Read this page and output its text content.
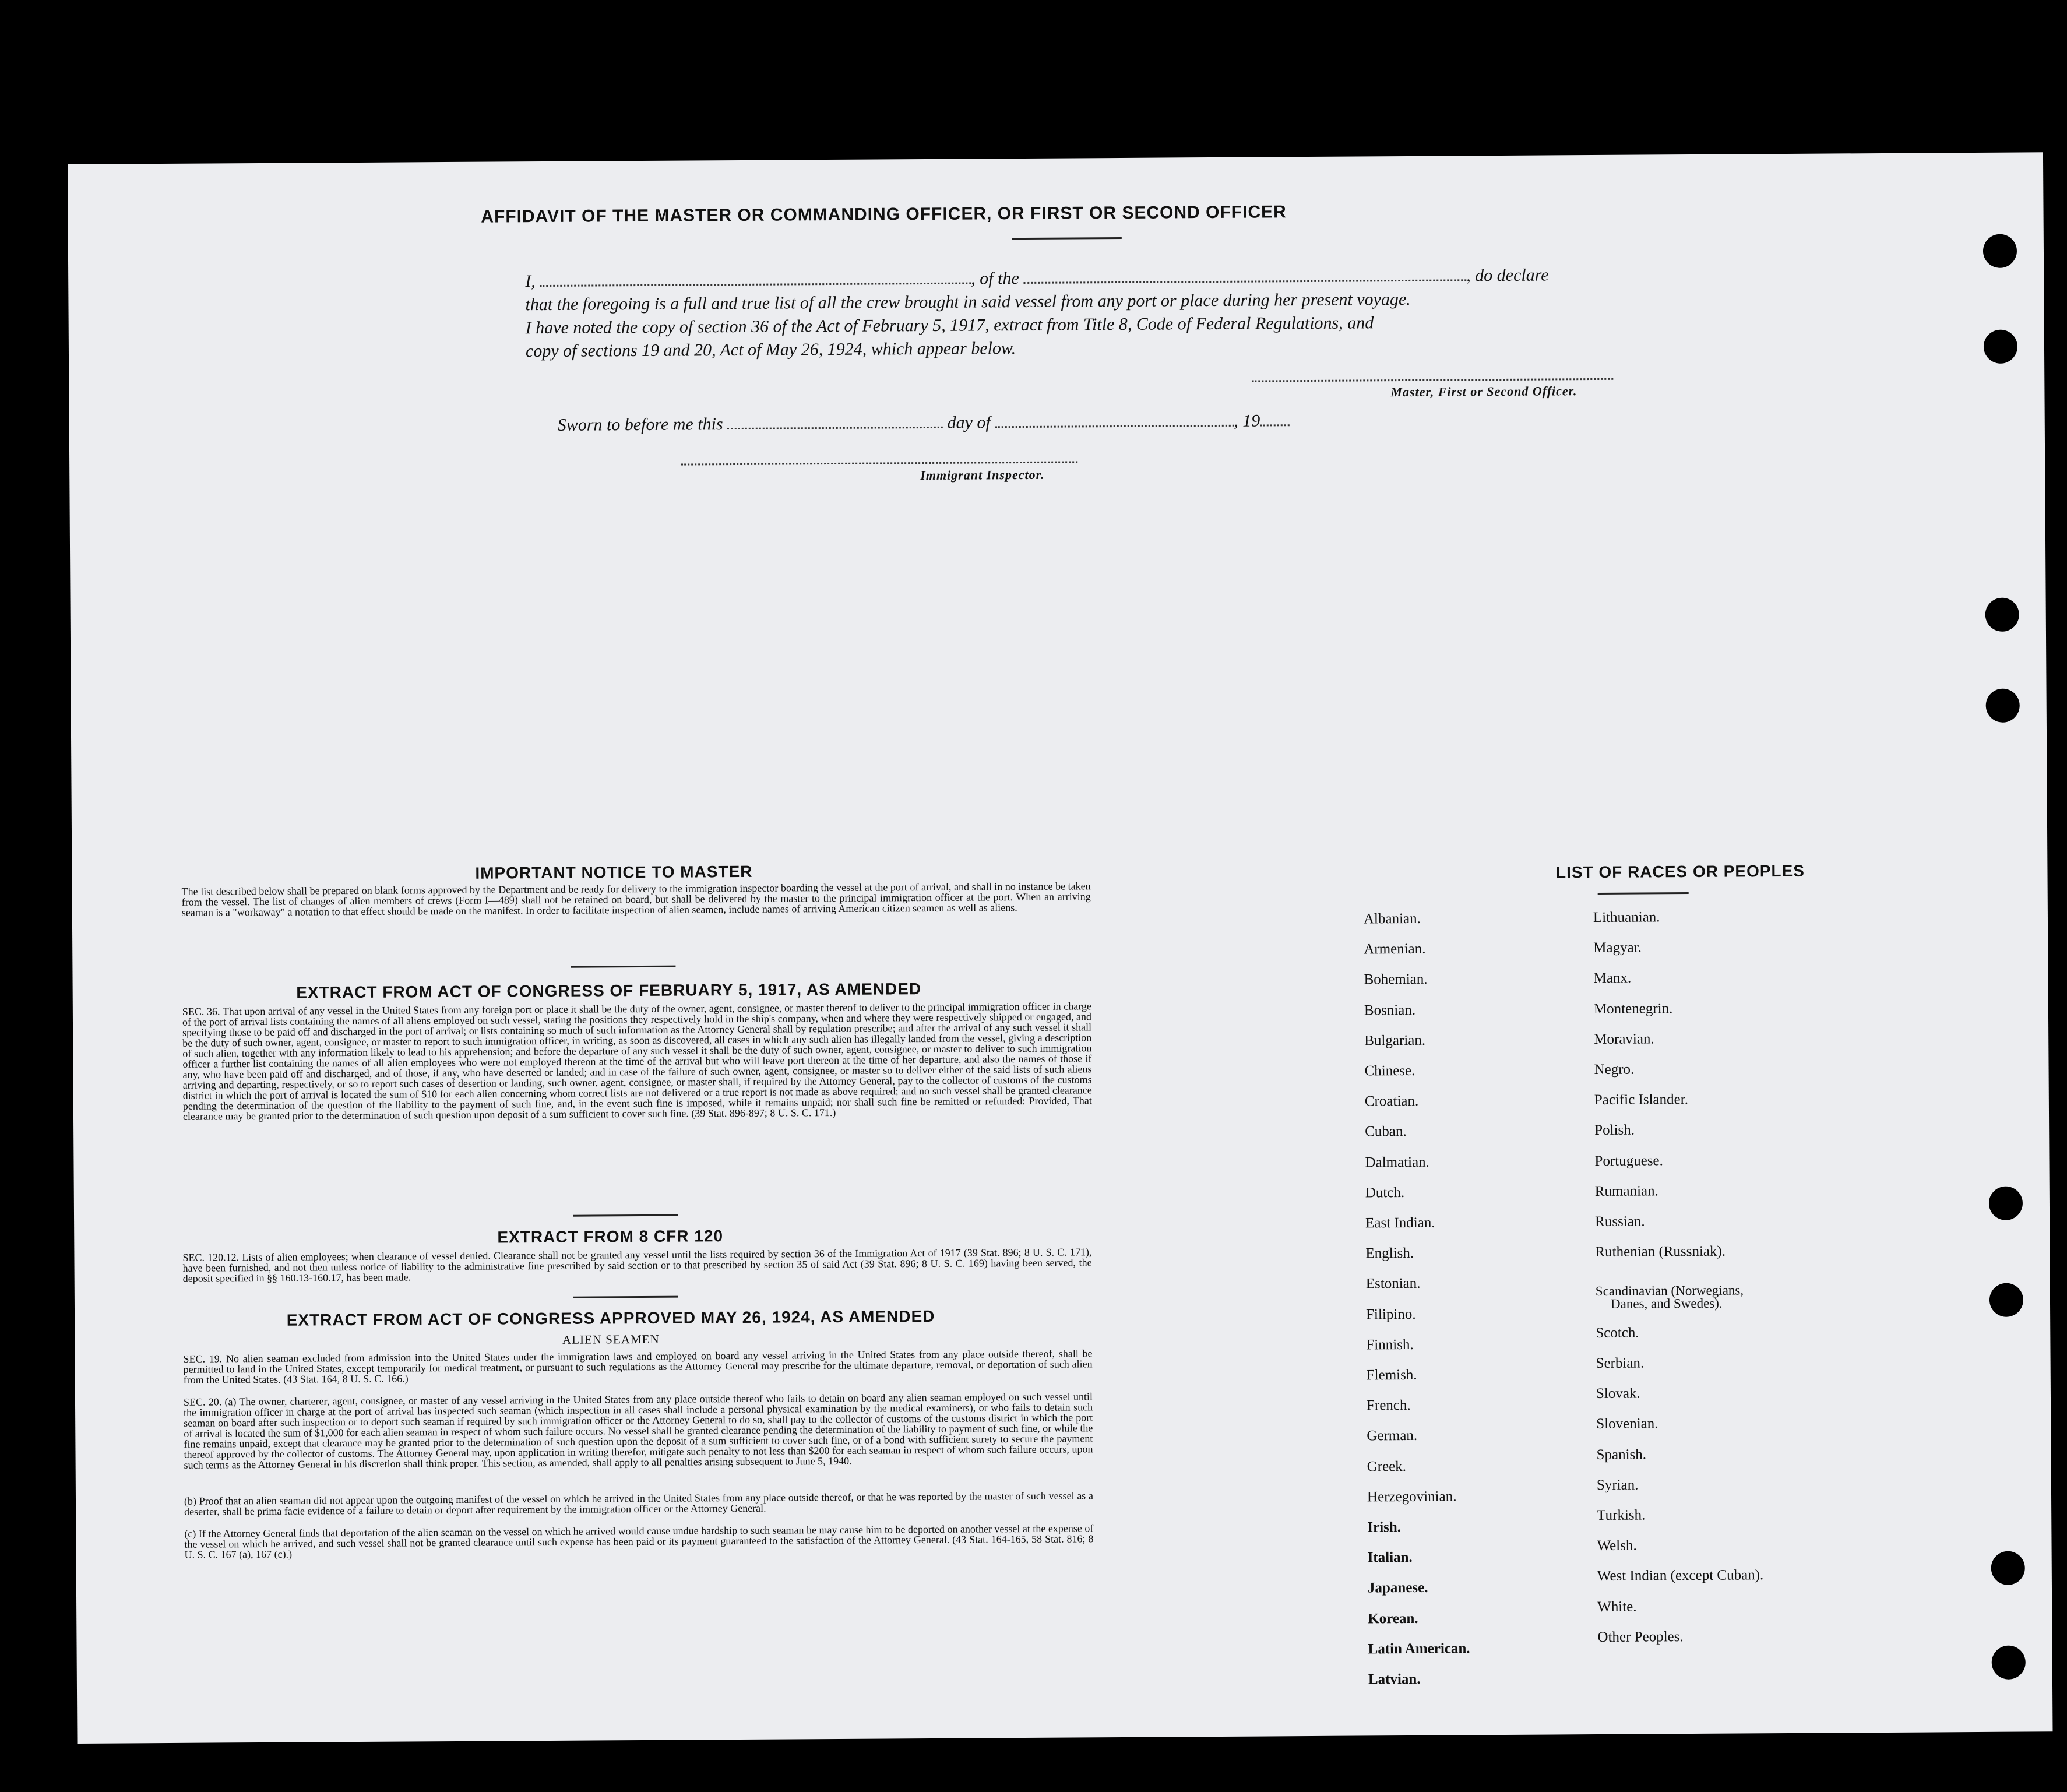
AFFIDAVIT OF THE MASTER OR COMMANDING OFFICER, OR FIRST OR SECOND OFFICER
I,	, of the	, do declare
that the foregoing is a full and true list of all the crew brought in said vessel from any port or place during her present voyage.
I have noted the copy of section 36 of the Act of February 5, 1917, extract from Title 8, Code of Federal Regulations, and
copy of sections 19 and 20, Act of May 26, 1924, which appear below.
Master, First or Second Officer.
Sworn to before me this	day of	, 19
Immigrant Inspector.
IMPORTANT NOTICE TO MASTER
The list described below shall be prepared on blank forms approved by the Department and be ready for delivery to the immigration inspector boarding the vessel at the port of arrival, and shall in no instance be taken from the vessel. The list of changes of alien members of crews (Form I—489) shall not be retained on board, but shall be delivered by the master to the principal immigration officer at the port. When an arriving seaman is a "workaway" a notation to that effect should be made on the manifest. In order to facilitate inspection of alien seamen, include names of arriving American citizen seamen as well as aliens.
EXTRACT FROM ACT OF CONGRESS OF FEBRUARY 5, 1917, AS AMENDED
SEC. 36. That upon arrival of any vessel in the United States from any foreign port or place it shall be the duty of the owner, agent, consignee, or master thereof to deliver to the principal immigration officer in charge of the port of arrival lists containing the names of all aliens employed on such vessel, stating the positions they respectively hold in the ship's company, when and where they were respectively shipped or engaged, and specifying those to be paid off and discharged in the port of arrival; or lists containing so much of such information as the Attorney General shall by regulation prescribe; and after the arrival of any such vessel it shall be the duty of such owner, agent, consignee, or master to report to such immigration officer, in writing, as soon as discovered, all cases in which any such alien has illegally landed from the vessel, giving a description of such alien, together with any information likely to lead to his apprehension; and before the departure of any such vessel it shall be the duty of such owner, agent, consignee, or master to deliver to such immigration officer a further list containing the names of all alien employees who were not employed thereon at the time of the arrival but who will leave port thereon at the time of her departure, and also the names of those if any, who have been paid off and discharged, and of those, if any, who have deserted or landed; and in case of the failure of such owner, agent, consignee, or master so to deliver either of the said lists of such aliens arriving and departing, respectively, or so to report such cases of desertion or landing, such owner, agent, consignee, or master shall, if required by the Attorney General, pay to the collector of customs of the customs district in which the port of arrival is located the sum of $10 for each alien concerning whom correct lists are not delivered or a true report is not made as above required; and no such vessel shall be granted clearance pending the determination of the question of the liability to the payment of such fine, and, in the event such fine is imposed, while it remains unpaid; nor shall such fine be remitted or refunded: Provided, That clearance may be granted prior to the determination of such question upon deposit of a sum sufficient to cover such fine. (39 Stat. 896-897; 8 U. S. C. 171.)
EXTRACT FROM 8 CFR 120
SEC. 120.12. Lists of alien employees; when clearance of vessel denied. Clearance shall not be granted any vessel until the lists required by section 36 of the Immigration Act of 1917 (39 Stat. 896; 8 U. S. C. 171), have been furnished, and not then unless notice of liability to the administrative fine prescribed by said section or to that prescribed by section 35 of said Act (39 Stat. 896; 8 U. S. C. 169) having been served, the deposit specified in §§ 160.13-160.17, has been made.
EXTRACT FROM ACT OF CONGRESS APPROVED MAY 26, 1924, AS AMENDED
ALIEN SEAMEN
SEC. 19. No alien seaman excluded from admission into the United States under the immigration laws and employed on board any vessel arriving in the United States from any place outside thereof, shall be permitted to land in the United States, except temporarily for medical treatment, or pursuant to such regulations as the Attorney General may prescribe for the ultimate departure, removal, or deportation of such alien from the United States. (43 Stat. 164, 8 U. S. C. 166.)
SEC. 20. (a) The owner, charterer, agent, consignee, or master of any vessel arriving in the United States from any place outside thereof who fails to detain on board any alien seaman employed on such vessel until the immigration officer in charge at the port of arrival has inspected such seaman (which inspection in all cases shall include a personal physical examination by the medical examiners), or who fails to detain such seaman on board after such inspection or to deport such seaman if required by such immigration officer or the Attorney General to do so, shall pay to the collector of customs of the customs district in which the port of arrival is located the sum of $1,000 for each alien seaman in respect of whom such failure occurs. No vessel shall be granted clearance pending the determination of the liability to payment of such fine, or while the fine remains unpaid, except that clearance may be granted prior to the determination of such question upon the deposit of a sum sufficient to cover such fine, or of a bond with sufficient surety to secure the payment thereof approved by the collector of customs. The Attorney General may, upon application in writing therefor, mitigate such penalty to not less than $200 for each seaman in respect of whom such failure occurs, upon such terms as the Attorney General in his discretion shall think proper. This section, as amended, shall apply to all penalties arising subsequent to June 5, 1940.
(b) Proof that an alien seaman did not appear upon the outgoing manifest of the vessel on which he arrived in the United States from any place outside thereof, or that he was reported by the master of such vessel as a deserter, shall be prima facie evidence of a failure to detain or deport after requirement by the immigration officer or the Attorney General.
(c) If the Attorney General finds that deportation of the alien seaman on the vessel on which he arrived would cause undue hardship to such seaman he may cause him to be deported on another vessel at the expense of the vessel on which he arrived, and such vessel shall not be granted clearance until such expense has been paid or its payment guaranteed to the satisfaction of the Attorney General. (43 Stat. 164-165, 58 Stat. 816; 8 U. S. C. 167 (a), 167 (c).)
LIST OF RACES OR PEOPLES
Albanian.
Armenian.
Bohemian.
Bosnian.
Bulgarian.
Chinese.
Croatian.
Cuban.
Dalmatian.
Dutch.
East Indian.
English.
Estonian.
Filipino.
Finnish.
Flemish.
French.
German.
Greek.
Herzegovinian.
Irish.
Italian.
Japanese.
Korean.
Latin American.
Latvian.
Lithuanian.
Magyar.
Manx.
Montenegrin.
Moravian.
Negro.
Pacific Islander.
Polish.
Portuguese.
Rumanian.
Russian.
Ruthenian (Russniak).
Scandinavian (Norwegians,
Danes, and Swedes).
Scotch.
Serbian.
Slovak.
Slovenian.
Spanish.
Syrian.
Turkish.
Welsh.
West Indian (except Cuban).
White.
Other Peoples.
